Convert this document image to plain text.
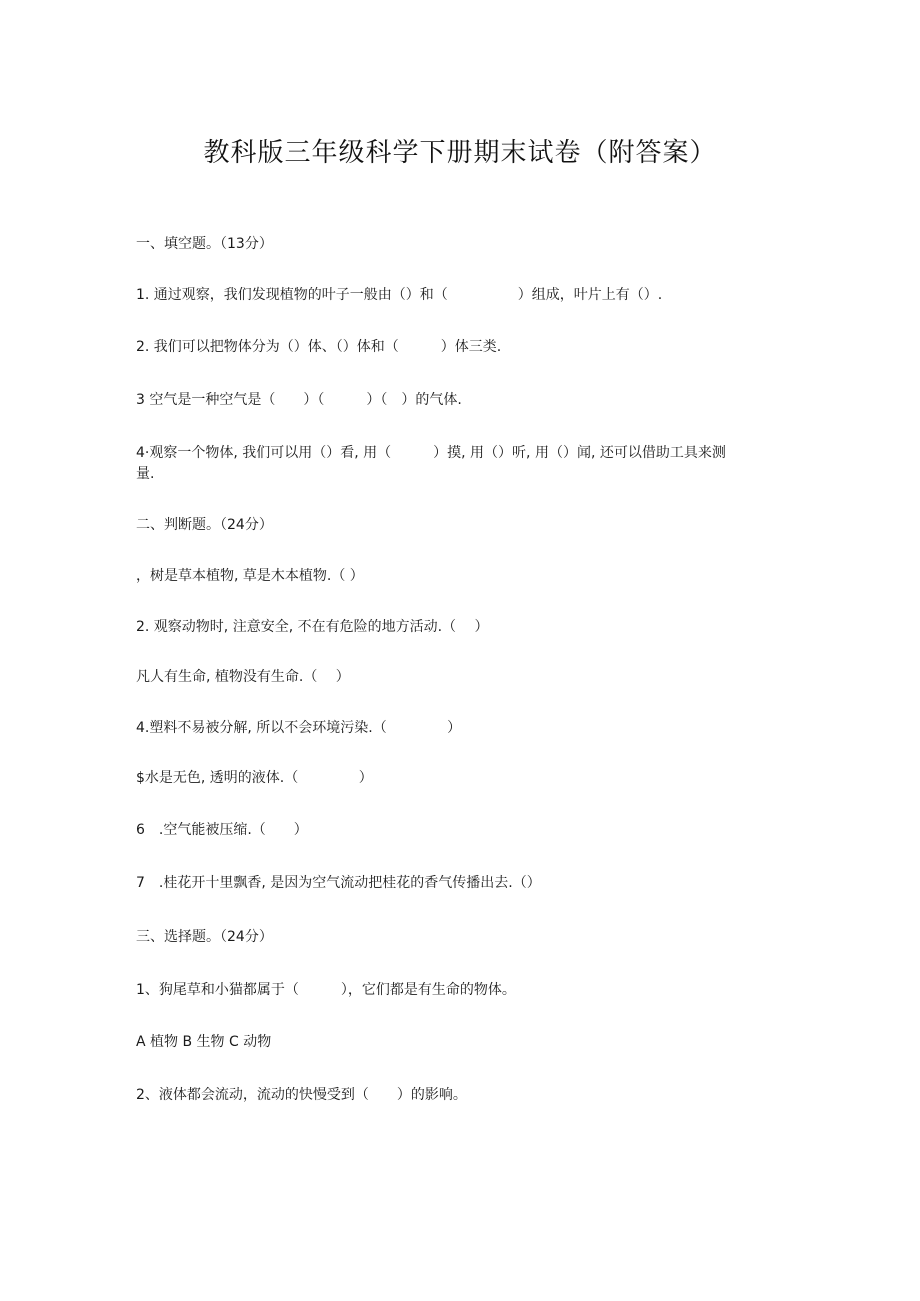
教科版三年级科学下册期末试卷（附答案）
一、填空题。（13分）
1. 通过观察，我们发现植物的叶子一般由（）和（　　　　　）组成，叶片上有（）.
2. 我们可以把物体分为（）体、（）体和（　　　）体三类.
3 空气是一种空气是（　　）（　　　）（　）的气体.
4·观察一个物体, 我们可以用（）看, 用（　　　）摸, 用（）听, 用（）闻, 还可以借助工具来测量.
二、判断题。（24分）
，树是草本植物, 草是木本植物.（ ）
2. 观察动物时, 注意安全, 不在有危险的地方活动.（　 ）
凡人有生命, 植物没有生命.（　 ）
4.塑料不易被分解, 所以不会环境污染.（　　　　 ）
$水是无色, 透明的液体.（　　　　 ）
6　.空气能被压缩.（　　）
7　.桂花开十里飘香, 是因为空气流动把桂花的香气传播出去.（）
三、选择题。（24分）
1、狗尾草和小猫都属于（　　　），它们都是有生命的物体。
A 植物 B 生物 C 动物
2、液体都会流动，流动的快慢受到（　　）的影响。
